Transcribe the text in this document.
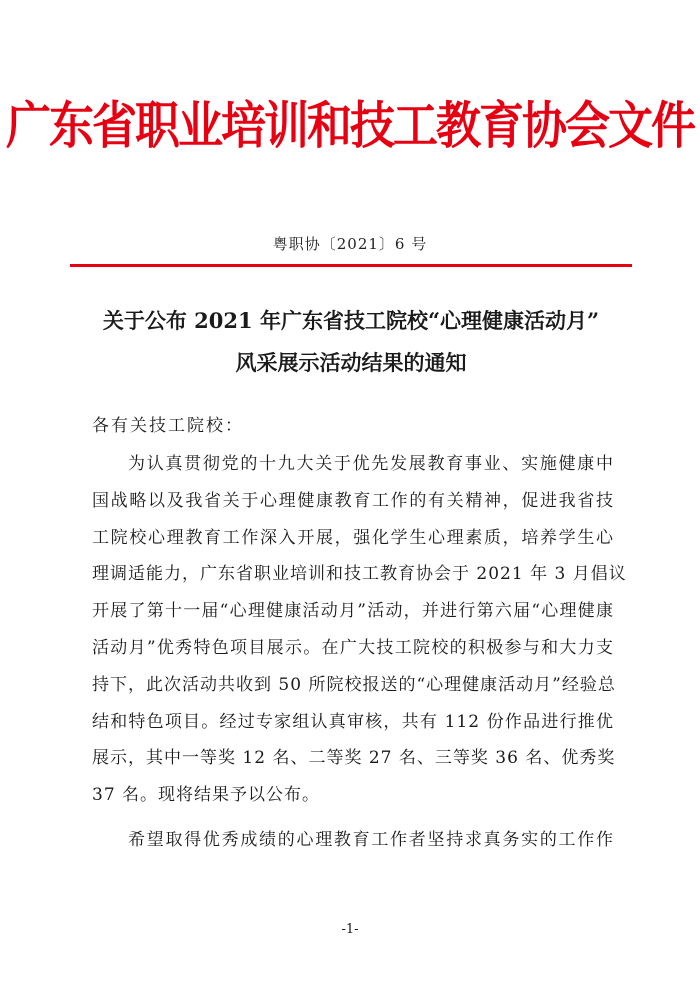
广东省职业培训和技工教育协会文件
粤职协〔2021〕6 号
关于公布 2021 年广东省技工院校“心理健康活动月”
风采展示活动结果的通知
各有关技工院校：
为认真贯彻党的十九大关于优先发展教育事业、实施健康中
国战略以及我省关于心理健康教育工作的有关精神，促进我省技
工院校心理教育工作深入开展，强化学生心理素质，培养学生心
理调适能力，广东省职业培训和技工教育协会于 2021 年 3 月倡议
开展了第十一届“心理健康活动月”活动，并进行第六届“心理健康
活动月”优秀特色项目展示。在广大技工院校的积极参与和大力支
持下，此次活动共收到 50 所院校报送的“心理健康活动月”经验总
结和特色项目。经过专家组认真审核，共有 112 份作品进行推优
展示，其中一等奖 12 名、二等奖 27 名、三等奖 36 名、优秀奖
37 名。现将结果予以公布。
希望取得优秀成绩的心理教育工作者坚持求真务实的工作作
-1-
